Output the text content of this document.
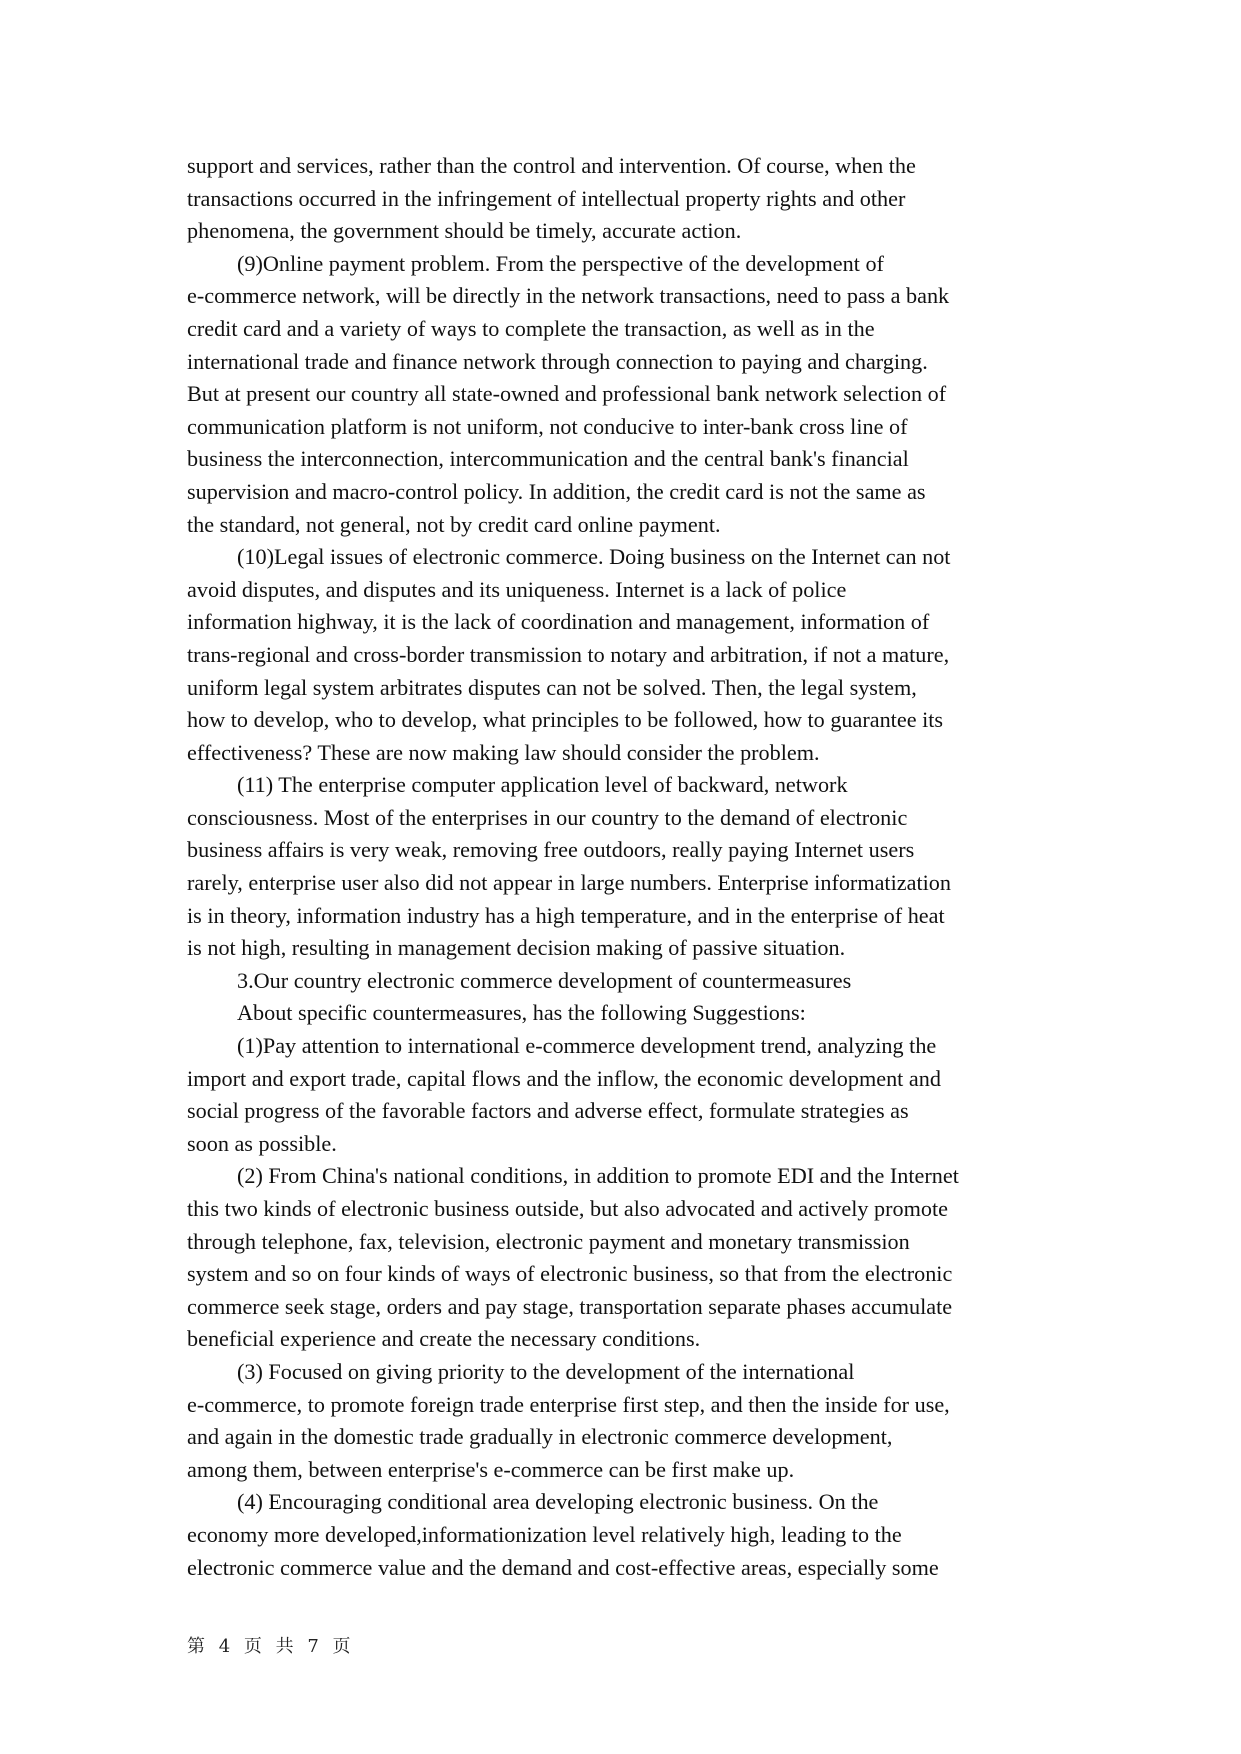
support and services, rather than the control and intervention. Of course, when the
transactions occurred in the infringement of intellectual property rights and other
phenomena, the government should be timely, accurate action.

(9)Online payment problem. From the perspective of the development of
e-commerce network, will be directly in the network transactions, need to pass a bank
credit card and a variety of ways to complete the transaction, as well as in the
international trade and finance network through connection to paying and charging.
But at present our country all state-owned and professional bank network selection of
communication platform is not uniform, not conducive to inter-bank cross line of
business the interconnection, intercommunication and the central bank's financial
supervision and macro-control policy. In addition, the credit card is not the same as
the standard, not general, not by credit card online payment.

(10)Legal issues of electronic commerce. Doing business on the Internet can not
avoid disputes, and disputes and its uniqueness. Internet is a lack of police
information highway, it is the lack of coordination and management, information of
trans-regional and cross-border transmission to notary and arbitration, if not a mature,
uniform legal system arbitrates disputes can not be solved. Then, the legal system,
how to develop, who to develop, what principles to be followed, how to guarantee its
effectiveness? These are now making law should consider the problem.

(11) The enterprise computer application level of backward, network
consciousness. Most of the enterprises in our country to the demand of electronic
business affairs is very weak, removing free outdoors, really paying Internet users
rarely, enterprise user also did not appear in large numbers. Enterprise informatization
is in theory, information industry has a high temperature, and in the enterprise of heat
is not high, resulting in management decision making of passive situation.

3.Our country electronic commerce development of countermeasures

About specific countermeasures, has the following Suggestions:

(1)Pay attention to international e-commerce development trend, analyzing the
import and export trade, capital flows and the inflow, the economic development and
social progress of the favorable factors and adverse effect, formulate strategies as
soon as possible.

(2) From China's national conditions, in addition to promote EDI and the Internet
this two kinds of electronic business outside, but also advocated and actively promote
through telephone, fax, television, electronic payment and monetary transmission
system and so on four kinds of ways of electronic business, so that from the electronic
commerce seek stage, orders and pay stage, transportation separate phases accumulate
beneficial experience and create the necessary conditions.

(3) Focused on giving priority to the development of the international
e-commerce, to promote foreign trade enterprise first step, and then the inside for use,
and again in the domestic trade gradually in electronic commerce development,
among them, between enterprise's e-commerce can be first make up.

(4) Encouraging conditional area developing electronic business. On the
economy more developed,informationization level relatively high, leading to the
electronic commerce value and the demand and cost-effective areas, especially some

第 4 页 共 7 页
